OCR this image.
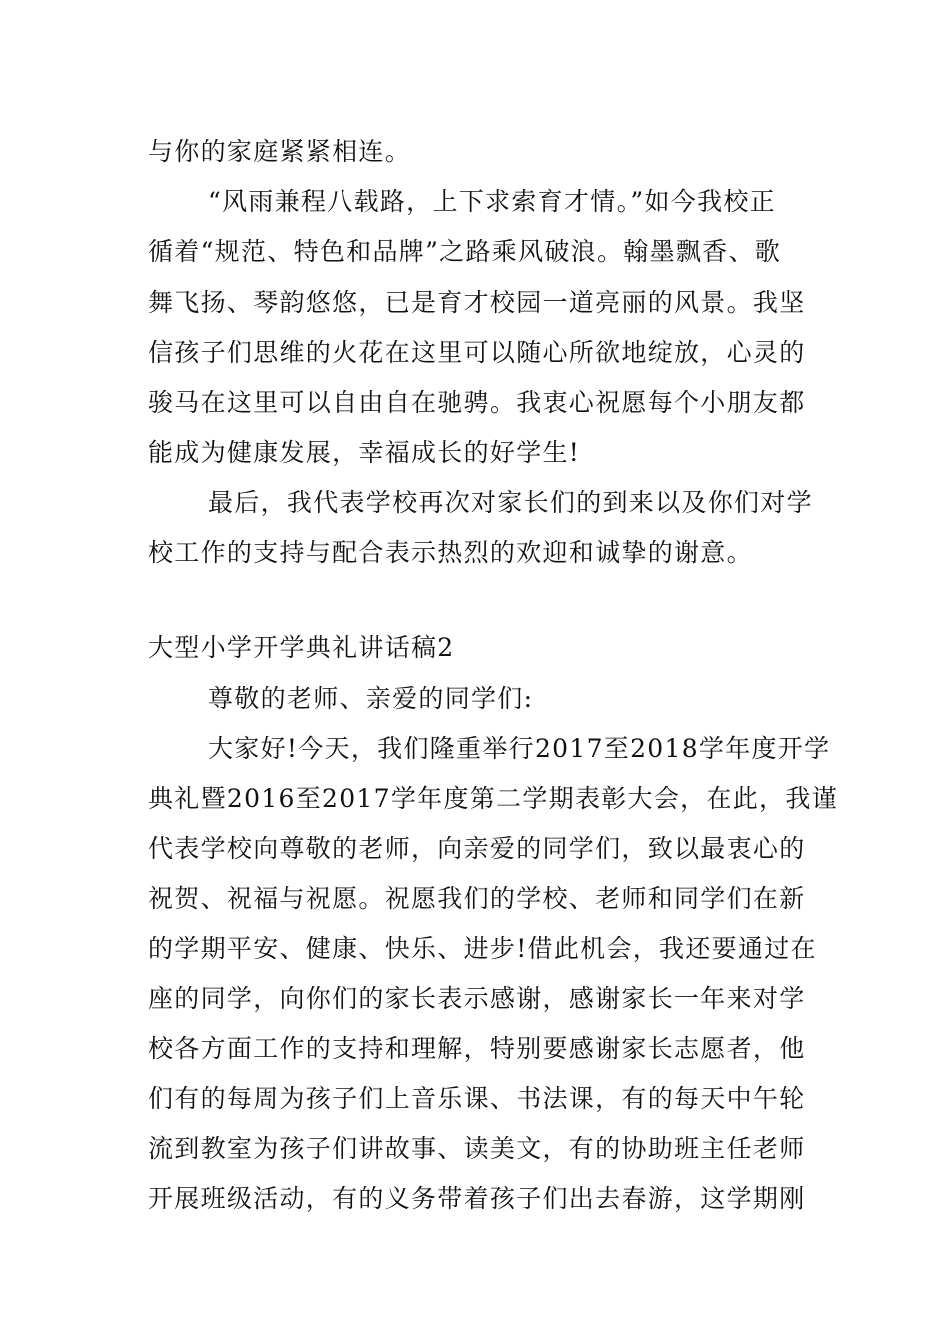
与你的家庭紧紧相连。
“风雨兼程八载路，上下求索育才情。”如今我校正
循着“规范、特色和品牌”之路乘风破浪。翰墨飘香、歌
舞飞扬、琴韵悠悠，已是育才校园一道亮丽的风景。我坚
信孩子们思维的火花在这里可以随心所欲地绽放，心灵的
骏马在这里可以自由自在驰骋。我衷心祝愿每个小朋友都
能成为健康发展，幸福成长的好学生!
最后，我代表学校再次对家长们的到来以及你们对学
校工作的支持与配合表示热烈的欢迎和诚挚的谢意。
大型小学开学典礼讲话稿2
尊敬的老师、亲爱的同学们:
大家好!今天，我们隆重举行2017至2018学年度开学
典礼暨2016至2017学年度第二学期表彰大会，在此，我谨
代表学校向尊敬的老师，向亲爱的同学们，致以最衷心的
祝贺、祝福与祝愿。祝愿我们的学校、老师和同学们在新
的学期平安、健康、快乐、进步!借此机会，我还要通过在
座的同学，向你们的家长表示感谢，感谢家长一年来对学
校各方面工作的支持和理解，特别要感谢家长志愿者，他
们有的每周为孩子们上音乐课、书法课，有的每天中午轮
流到教室为孩子们讲故事、读美文，有的协助班主任老师
开展班级活动，有的义务带着孩子们出去春游，这学期刚
